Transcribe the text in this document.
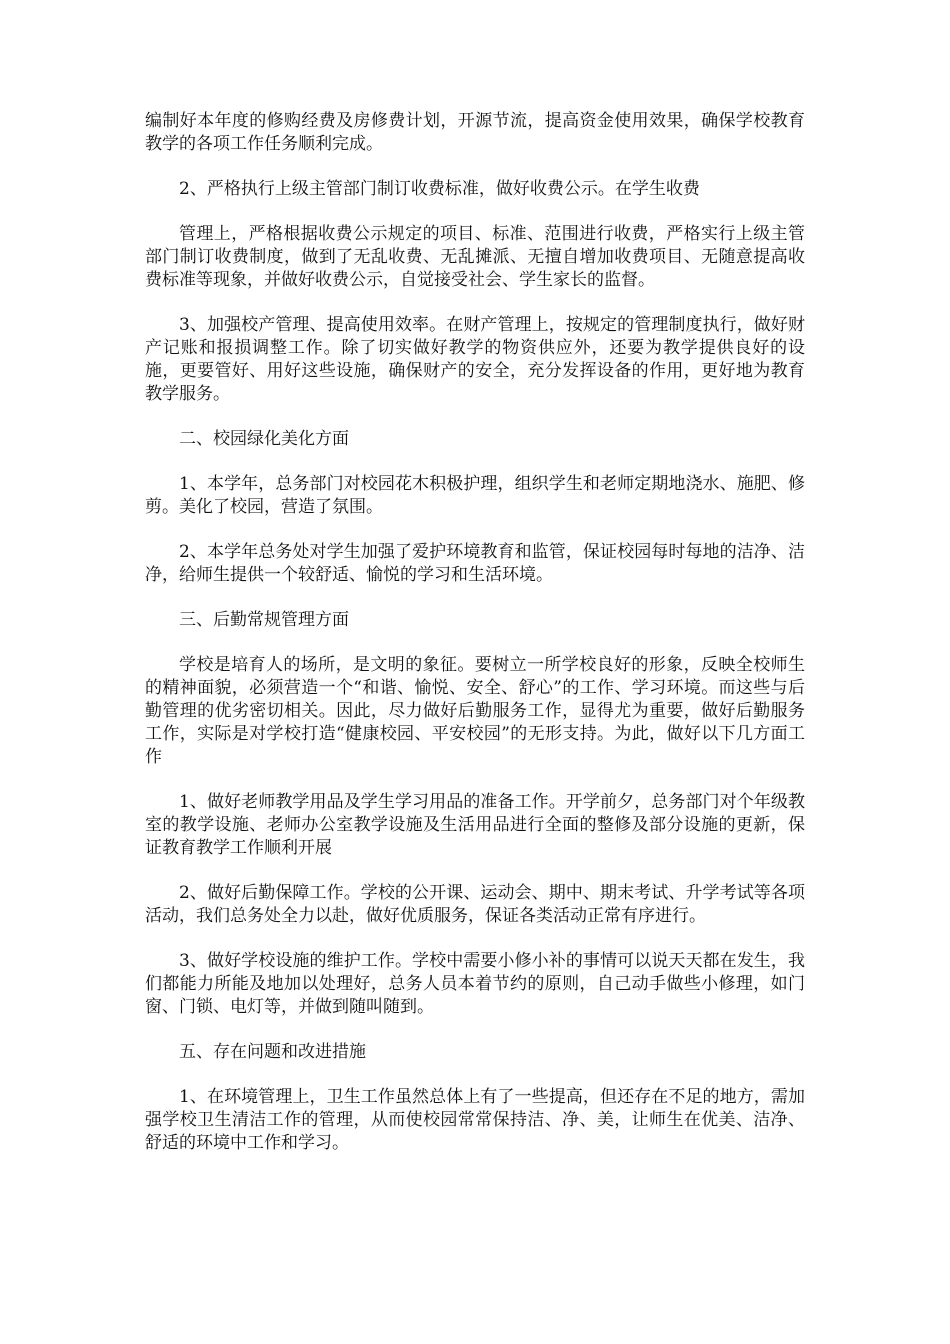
编制好本年度的修购经费及房修费计划，开源节流，提高资金使用效果，确保学校教育教学的各项工作任务顺利完成。

2、严格执行上级主管部门制订收费标准，做好收费公示。在学生收费

管理上，严格根据收费公示规定的项目、标准、范围进行收费，严格实行上级主管部门制订收费制度，做到了无乱收费、无乱摊派、无擅自增加收费项目、无随意提高收费标准等现象，并做好收费公示，自觉接受社会、学生家长的监督。

3、加强校产管理、提高使用效率。在财产管理上，按规定的管理制度执行，做好财产记账和报损调整工作。除了切实做好教学的物资供应外，还要为教学提供良好的设施，更要管好、用好这些设施，确保财产的安全，充分发挥设备的作用，更好地为教育教学服务。

二、校园绿化美化方面

1、本学年，总务部门对校园花木积极护理，组织学生和老师定期地浇水、施肥、修剪。美化了校园，营造了氛围。

2、本学年总务处对学生加强了爱护环境教育和监管，保证校园每时每地的洁净、洁净，给师生提供一个较舒适、愉悦的学习和生活环境。

三、后勤常规管理方面

学校是培育人的场所，是文明的象征。要树立一所学校良好的形象，反映全校师生的精神面貌，必须营造一个“和谐、愉悦、安全、舒心”的工作、学习环境。而这些与后勤管理的优劣密切相关。因此，尽力做好后勤服务工作，显得尤为重要，做好后勤服务工作，实际是对学校打造“健康校园、平安校园”的无形支持。为此，做好以下几方面工作

1、做好老师教学用品及学生学习用品的准备工作。开学前夕，总务部门对个年级教室的教学设施、老师办公室教学设施及生活用品进行全面的整修及部分设施的更新，保证教育教学工作顺利开展

2、做好后勤保障工作。学校的公开课、运动会、期中、期末考试、升学考试等各项活动，我们总务处全力以赴，做好优质服务，保证各类活动正常有序进行。

3、做好学校设施的维护工作。学校中需要小修小补的事情可以说天天都在发生，我们都能力所能及地加以处理好，总务人员本着节约的原则，自己动手做些小修理，如门窗、门锁、电灯等，并做到随叫随到。

五、存在问题和改进措施

1、在环境管理上，卫生工作虽然总体上有了一些提高，但还存在不足的地方，需加强学校卫生清洁工作的管理，从而使校园常常保持洁、净、美，让师生在优美、洁净、舒适的环境中工作和学习。
